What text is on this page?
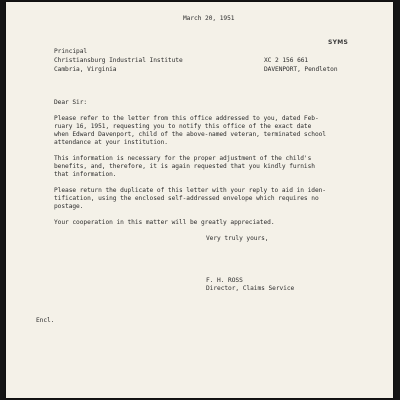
March 20, 1951
SYMS
Principal
Christiansburg Industrial Institute
Cambria, Virginia
XC 2 156 661
DAVENPORT, Pendleton
Dear Sir:
Please refer to the letter from this office addressed to you, dated Feb-
ruary 16, 1951, requesting you to notify this office of the exact date
when Edward Davenport, child of the above-named veteran, terminated school
attendance at your institution.
This information is necessary for the proper adjustment of the child's
benefits, and, therefore, it is again requested that you kindly furnish
that information.
Please return the duplicate of this letter with your reply to aid in iden-
tification, using the enclosed self-addressed envelope which requires no
postage.
Your cooperation in this matter will be greatly appreciated.
Very truly yours,
F. H. ROSS
Director, Claims Service
Encl.
